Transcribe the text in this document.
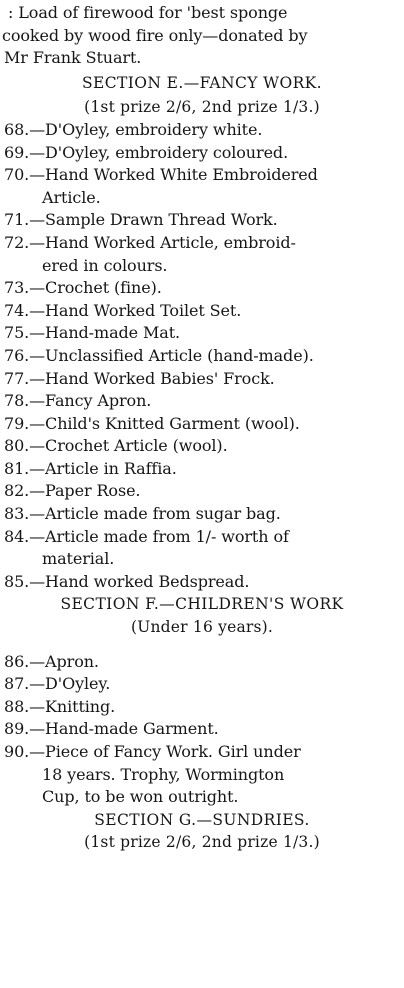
: Load of firewood for 'best sponge
cooked by wood fire only—donated by
Mr Frank Stuart.
SECTION E.—FANCY WORK.
(1st prize 2/6, 2nd prize 1/3.)
68.—D'Oyley, embroidery white.
69.—D'Oyley, embroidery coloured.
70.—Hand Worked White Embroidered
Article.
71.—Sample Drawn Thread Work.
72.—Hand Worked Article, embroid-
ered in colours.
73.—Crochet (fine).
74.—Hand Worked Toilet Set.
75.—Hand-made Mat.
76.—Unclassified Article (hand-made).
77.—Hand Worked Babies' Frock.
78.—Fancy Apron.
79.—Child's Knitted Garment (wool).
80.—Crochet Article (wool).
81.—Article in Raffia.
82.—Paper Rose.
83.—Article made from sugar bag.
84.—Article made from 1/- worth of
material.
85.—Hand worked Bedspread.
SECTION F.—CHILDREN'S WORK
(Under 16 years).
86.—Apron.
87.—D'Oyley.
88.—Knitting.
89.—Hand-made Garment.
90.—Piece of Fancy Work. Girl under
18 years. Trophy, Wormington
Cup, to be won outright.
SECTION G.—SUNDRIES.
(1st prize 2/6, 2nd prize 1/3.)
